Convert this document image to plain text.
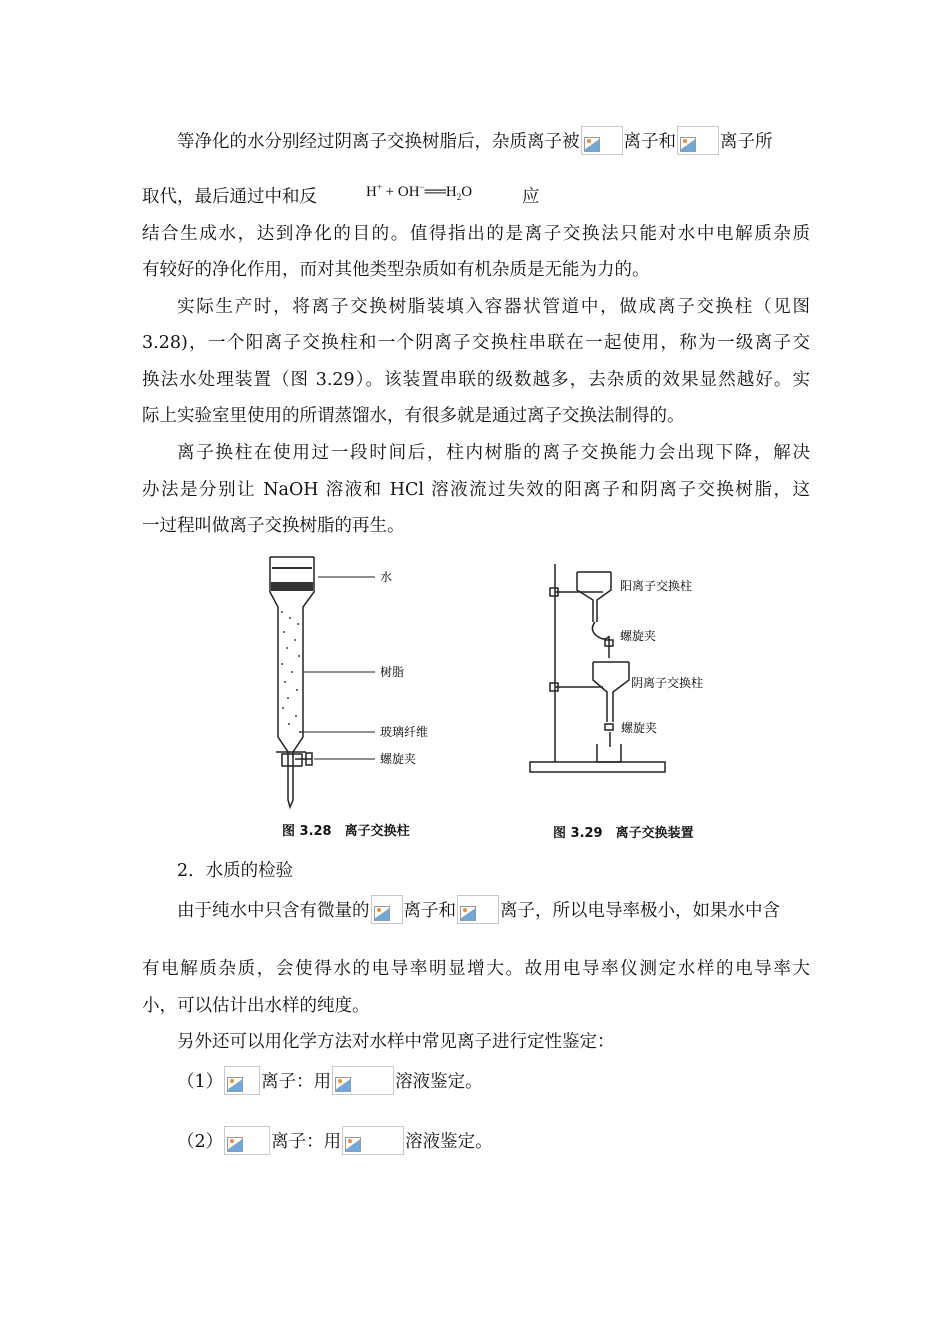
等净化的水分别经过阴离子交换树脂后，杂质离子被	离子和	离子所
取代，最后通过中和反	$H^+ + OH^-══H_2O$	应
结合生成水，达到净化的目的。值得指出的是离子交换法只能对水中电解质杂质
有较好的净化作用，而对其他类型杂质如有机杂质是无能为力的。
实际生产时，将离子交换树脂装填入容器状管道中，做成离子交换柱（见图
3.28)，一个阳离子交换柱和一个阴离子交换柱串联在一起使用，称为一级离子交
换法水处理装置（图 3.29）。该装置串联的级数越多，去杂质的效果显然越好。实
际上实验室里使用的所谓蒸馏水，有很多就是通过离子交换法制得的。
离子换柱在使用过一段时间后，柱内树脂的离子交换能力会出现下降，解决
办法是分别让 NaOH 溶液和 HCl 溶液流过失效的阳离子和阴离子交换树脂，这
一过程叫做离子交换树脂的再生。
水
树脂
玻璃纤维
螺旋夹
图 3.28　离子交换柱
阳离子交换柱
螺旋夹
阴离子交换柱
螺旋夹
图 3.29　离子交换装置
2．水质的检验
由于纯水中只含有微量的 离子和	离子，所以电导率极小，如果水中含
有电解质杂质，会使得水的电导率明显增大。故用电导率仪测定水样的电导率大
小，可以估计出水样的纯度。
另外还可以用化学方法对水样中常见离子进行定性鉴定：
（1） 离子：用	溶液鉴定。
（2）	离子：用	溶液鉴定。
